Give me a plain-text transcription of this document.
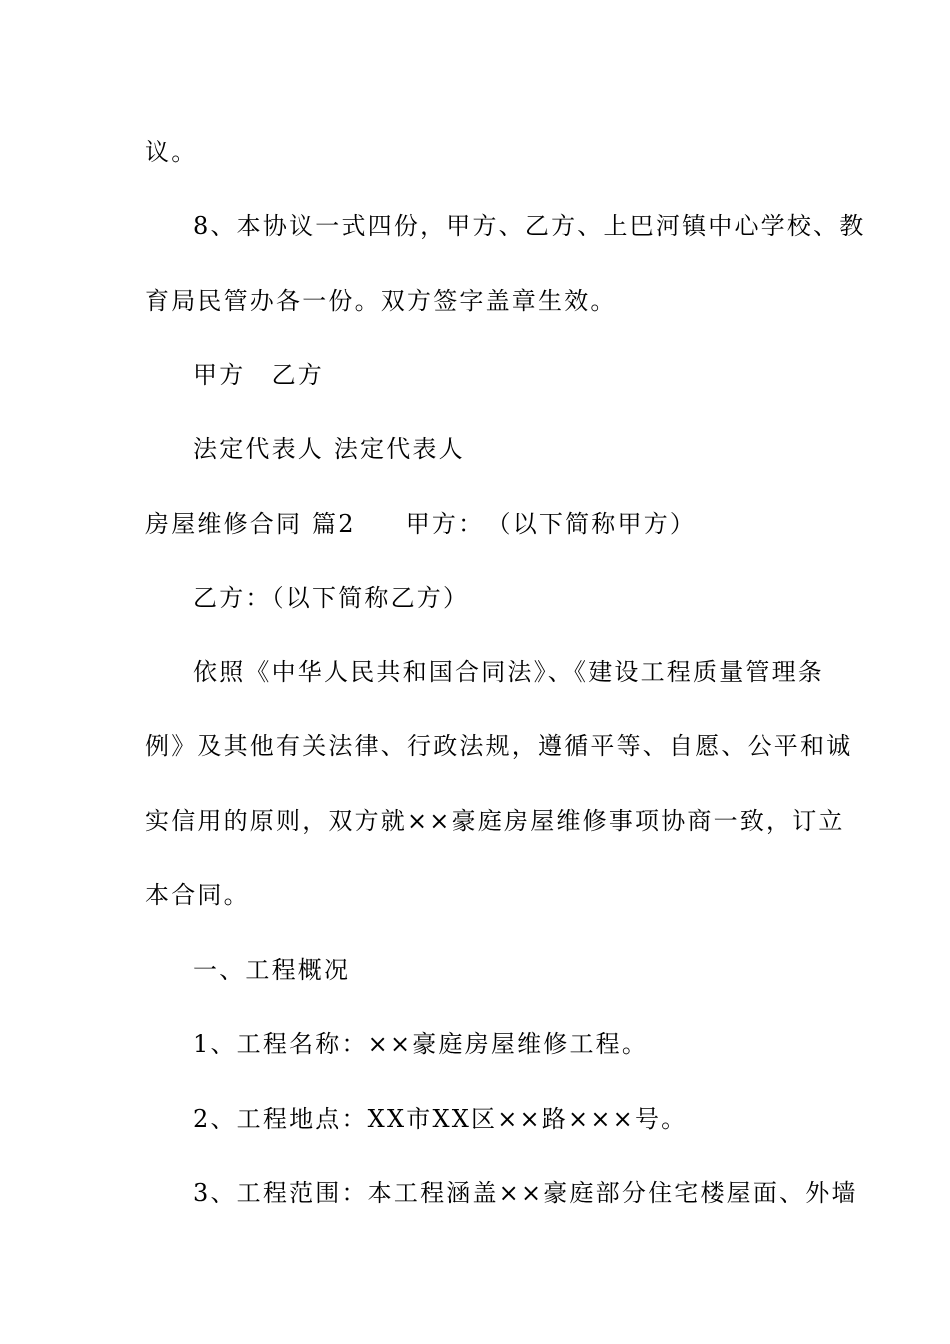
议。
8、本协议一式四份，甲方、乙方、上巴河镇中心学校、教
育局民管办各一份。双方签字盖章生效。
甲方　乙方
法定代表人 法定代表人
房屋维修合同 篇2 甲方：　（以下简称甲方）
乙方：（以下简称乙方）
依照《中华人民共和国合同法》、《建设工程质量管理条
例》及其他有关法律、行政法规，遵循平等、自愿、公平和诚
实信用的原则，双方就××豪庭房屋维修事项协商一致，订立
本合同。
一、工程概况
1、工程名称：××豪庭房屋维修工程。
2、工程地点：XX市XX区××路×××号。
3、工程范围：本工程涵盖××豪庭部分住宅楼屋面、外墙
